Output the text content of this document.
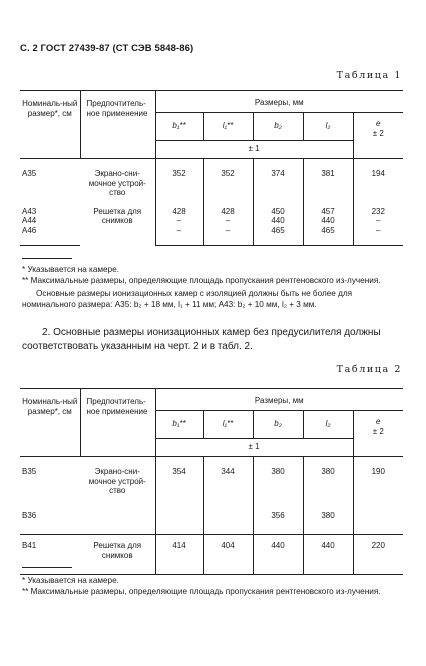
С. 2 ГОСТ 27439-87 (СТ СЭВ 5848-86)
Таблица 1
Номиналь-ный размер*, см	Предпочтитель-ное применение	Размеры, мм				
		b₁**	l₁**	b₂	l₂	e
± 2

		± 1				
А35	Экрано-сни-мочное устрой-ство	352	352	374	381	194
А43	Решетка для снимков	428	428	450	457	232
А44		–	–	440	440	–
А46		–	–	465	465	–
* Указывается на камере.
** Максимальные размеры, определяющие площадь пропускания рентгеновского из-лучения.
Основные размеры ионизационных камер с изоляцией должны быть не более для номинального размера: А35: b₂ + 18 мм, l₁ + 11 мм; А43: b₂ + 10 мм, l₂ + 3 мм.
2. Основные размеры ионизационных камер без предусилителя должны соответствовать указанным на черт. 2 и в табл. 2.
Таблица 2
Номиналь-ный размер*, см	Предпочтитель-ное применение	Размеры, мм				
		b₁**	l₁**	b₂	l₂	e
± 2

		± 1				
В35	Экрано-сни-мочное устрой-ство	354	344	380	380	190
В36				356	380	
В41	Решетка для снимков	414	404	440	440	220
* Указывается на камере.
** Максимальные размеры, определяющие площадь пропускания рентгеновского из-лучения.
